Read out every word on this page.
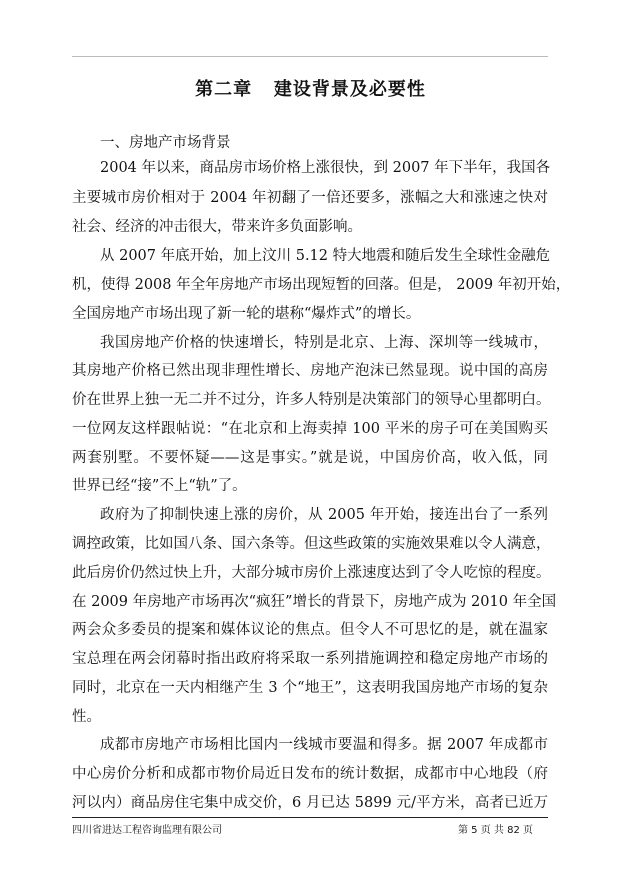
第二章   建设背景及必要性
一、房地产市场背景
2004 年以来，商品房市场价格上涨很快，到 2007 年下半年，我国各
主要城市房价相对于 2004 年初翻了一倍还要多，涨幅之大和涨速之快对
社会、经济的冲击很大，带来许多负面影响。
从 2007 年底开始，加上汶川 5.12 特大地震和随后发生全球性金融危
机，使得 2008 年全年房地产市场出现短暂的回落。但是， 2009 年初开始，
全国房地产市场出现了新一轮的堪称“爆炸式”的增长。
我国房地产价格的快速增长，特别是北京、上海、深圳等一线城市，
其房地产价格已然出现非理性增长、房地产泡沫已然显现。说中国的高房
价在世界上独一无二并不过分，许多人特别是决策部门的领导心里都明白。
一位网友这样跟帖说：“在北京和上海卖掉 100 平米的房子可在美国购买
两套别墅。不要怀疑——这是事实。”就是说，中国房价高，收入低，同
世界已经“接”不上“轨”了。
政府为了抑制快速上涨的房价，从 2005 年开始，接连出台了一系列
调控政策，比如国八条、国六条等。但这些政策的实施效果难以令人满意，
此后房价仍然过快上升，大部分城市房价上涨速度达到了令人吃惊的程度。
在 2009 年房地产市场再次“疯狂”增长的背景下，房地产成为 2010 年全国
两会众多委员的提案和媒体议论的焦点。但令人不可思忆的是，就在温家
宝总理在两会闭幕时指出政府将采取一系列措施调控和稳定房地产市场的
同时，北京在一天内相继产生 3 个“地王”，这表明我国房地产市场的复杂
性。
成都市房地产市场相比国内一线城市要温和得多。据 2007 年成都市
中心房价分析和成都市物价局近日发布的统计数据，成都市中心地段（府
河以内）商品房住宅集中成交价，6 月已达 5899 元/平方米，高者已近万
四川省进达工程咨询监理有限公司	第 5 页 共 82 页
